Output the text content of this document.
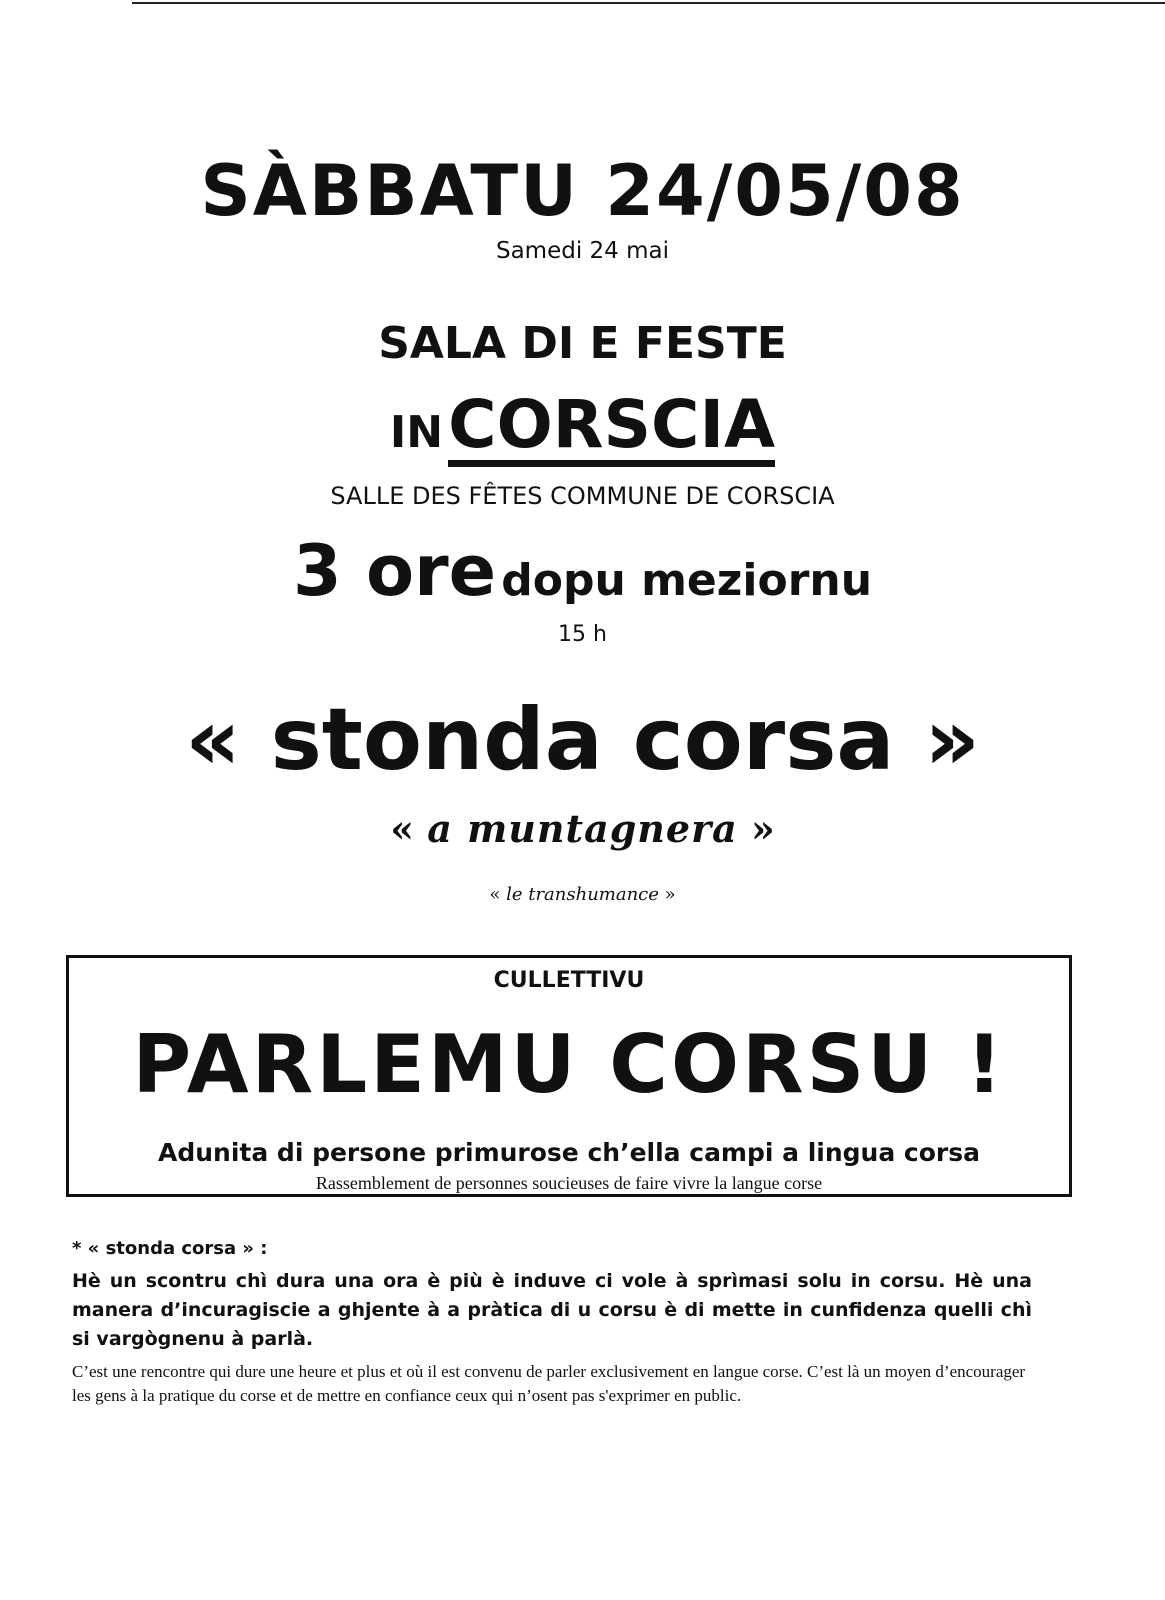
SÀBBATU 24/05/08
Samedi 24 mai
SALA DI E FESTE
IN CORSCIA
SALLE DES FÊTES COMMUNE DE CORSCIA
3 ore dopu meziornu
15 h
« stonda corsa »
« a muntagnera »
« le transhumance »
CULLETTIVU
PARLEMU CORSU !
Adunita di persone primurose ch’ella campi a lingua corsa
Rassemblement de personnes soucieuses de faire vivre la langue corse

* « stonda corsa » :

Hè un scontru chì dura una ora è più è induve ci vole à sprìmasi solu in corsu. Hè una manera d’incuragiscie a ghjente à a pràtica di u corsu è di mette in cunfidenza quelli chì si vargògnenu à parlà.

C’est une rencontre qui dure une heure et plus et où il est convenu de parler exclusivement en langue corse. C’est là un moyen d’encourager les gens à la pratique du corse et de mettre en confiance ceux qui n’osent pas s'exprimer en public.
